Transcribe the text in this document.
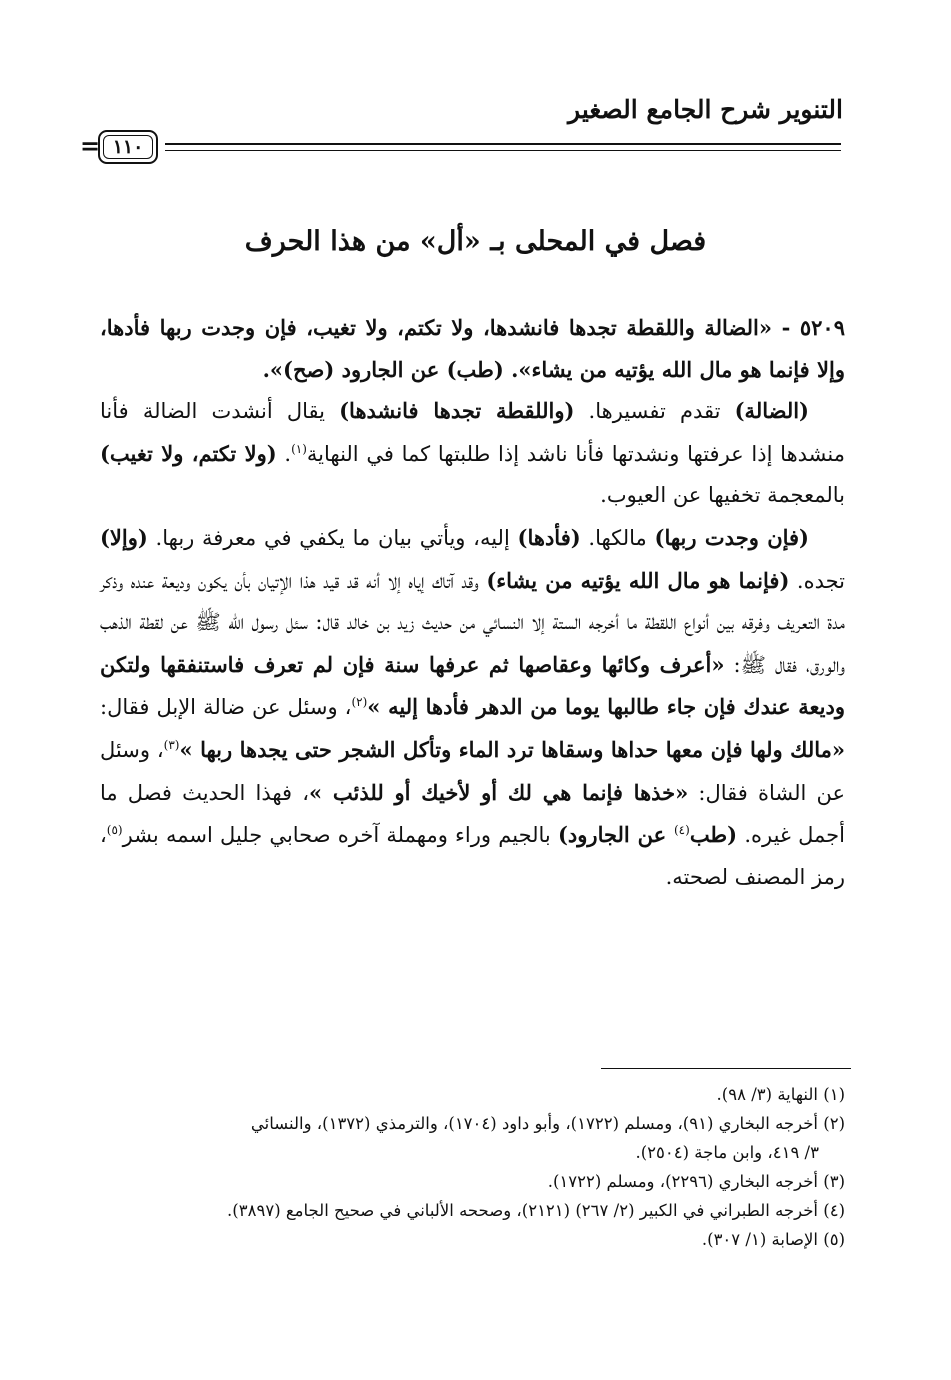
التنوير شرح الجامع الصغير
١١٠
=
فصل في المحلى بـ «أل» من هذا الحرف

٥٢٠٩ - «الضالة واللقطة تجدها فانشدها، ولا تكتم، ولا تغيب، فإن وجدت ربها فأدها، وإلا فإنما هو مال الله يؤتيه من يشاء». (طب) عن الجارود (صح)».

(الضالة) تقدم تفسيرها. (واللقطة تجدها فانشدها) يقال أنشدت الضالة فأنا منشدها إذا عرفتها ونشدتها فأنا ناشد إذا طلبتها كما في النهاية$^{(١)}$. (ولا تكتم، ولا تغيب) بالمعجمة تخفيها عن العيوب.

(فإن وجدت ربها) مالكها. (فأدها) إليه، ويأتي بيان ما يكفي في معرفة ربها. (وإلا) تجده. (فإنما هو مال الله يؤتيه من يشاء) وقد آتاك إياه إلا أنه قد قيد هذا الإتيان بأن يكون وديعة عنده وذكر مدة التعريف وفرقه بين أنواع اللقطة ما أخرجه الستة إلا النسائي من حديث زيد بن خالد قال: سئل رسول الله ﷺ عن لقطة الذهب والورق، فقال ﷺ: «أعرف وكائها وعقاصها ثم عرفها سنة فإن لم تعرف فاستنفقها ولتكن وديعة عندك فإن جاء طالبها يوما من الدهر فأدها إليه »$^{(٢)}$، وسئل عن ضالة الإبل فقال: «مالك ولها فإن معها حداها وسقاها ترد الماء وتأكل الشجر حتى يجدها ربها »$^{(٣)}$، وسئل عن الشاة فقال: «خذها فإنما هي لك أو لأخيك أو للذئب »، فهذا الحديث فصل ما أجمل غيره. (طب$^{(٤)}$ عن الجارود) بالجيم وراء ومهملة آخره صحابي جليل اسمه بشر$^{(٥)}$، رمز المصنف لصحته.

(١) النهاية (٣/ ٩٨).

(٢) أخرجه البخاري (٩١)، ومسلم (١٧٢٢)، وأبو داود (١٧٠٤)، والترمذي (١٣٧٢)، والنسائي

٣/ ٤١٩، وابن ماجة (٢٥٠٤).

(٣) أخرجه البخاري (٢٢٩٦)، ومسلم (١٧٢٢).

(٤) أخرجه الطبراني في الكبير (٢/ ٢٦٧) (٢١٢١)، وصححه الألباني في صحيح الجامع (٣٨٩٧).

(٥) الإصابة (١/ ٣٠٧).
